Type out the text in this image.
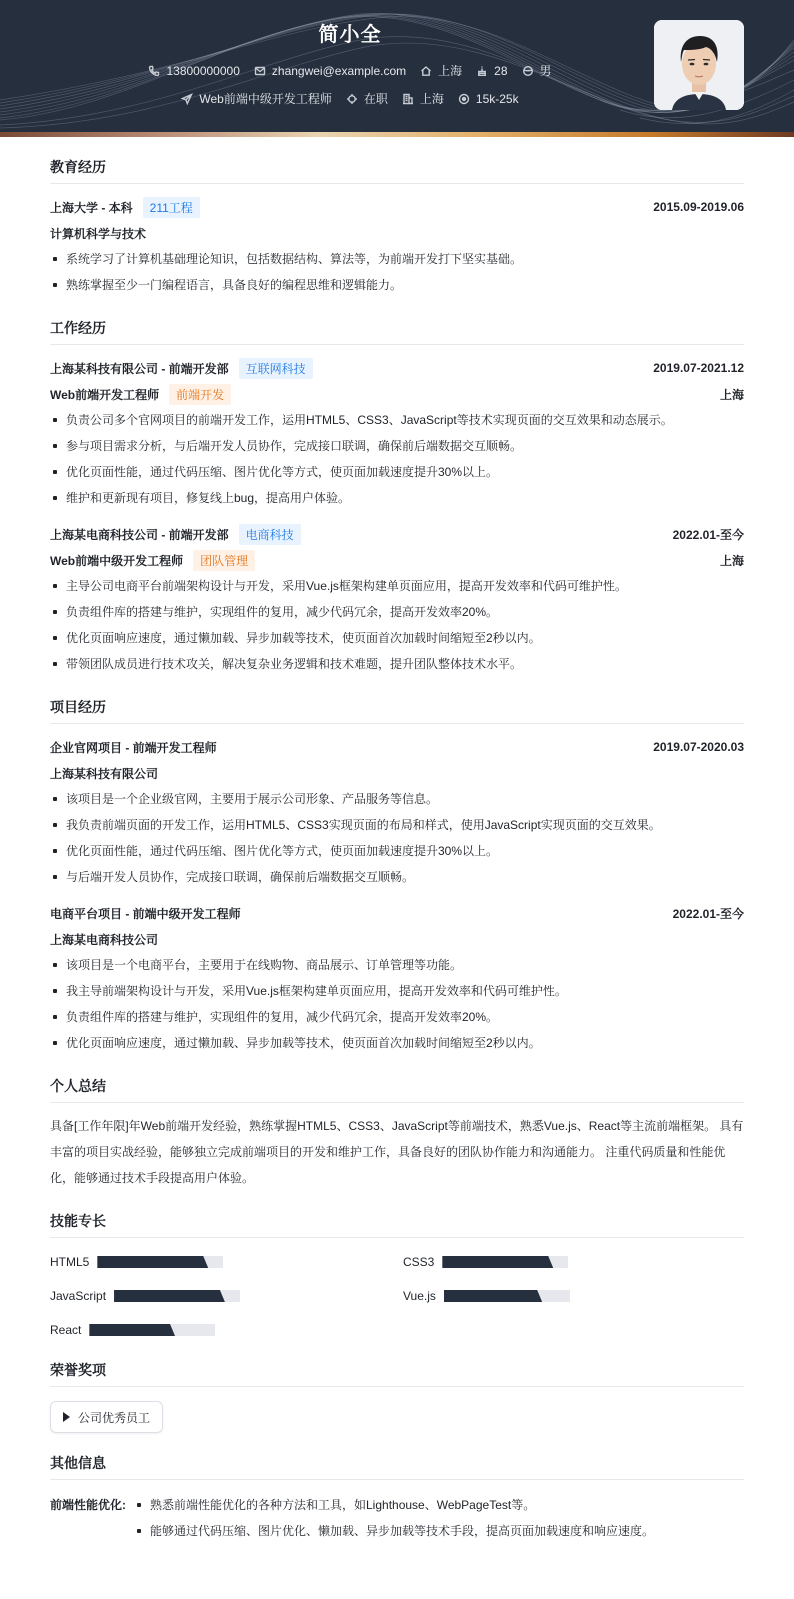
简小全
13800000000	zhangwei@example.com	上海	28	男
Web前端中级开发工程师	在职	上海	15k-25k
教育经历
上海大学 - 本科	211工程	2015.09-2019.06
计算机科学与技术
系统学习了计算机基础理论知识，包括数据结构、算法等，为前端开发打下坚实基础。
熟练掌握至少一门编程语言，具备良好的编程思维和逻辑能力。
工作经历
上海某科技有限公司 - 前端开发部	互联网科技	2019.07-2021.12
Web前端开发工程师	前端开发	上海
负责公司多个官网项目的前端开发工作，运用HTML5、CSS3、JavaScript等技术实现页面的交互效果和动态展示。
参与项目需求分析，与后端开发人员协作，完成接口联调，确保前后端数据交互顺畅。
优化页面性能，通过代码压缩、图片优化等方式，使页面加载速度提升30%以上。
维护和更新现有项目，修复线上bug，提高用户体验。
上海某电商科技公司 - 前端开发部	电商科技	2022.01-至今
Web前端中级开发工程师	团队管理	上海
主导公司电商平台前端架构设计与开发，采用Vue.js框架构建单页面应用，提高开发效率和代码可维护性。
负责组件库的搭建与维护，实现组件的复用，减少代码冗余，提高开发效率20%。
优化页面响应速度，通过懒加载、异步加载等技术，使页面首次加载时间缩短至2秒以内。
带领团队成员进行技术攻关，解决复杂业务逻辑和技术难题，提升团队整体技术水平。
项目经历
企业官网项目 - 前端开发工程师	2019.07-2020.03
上海某科技有限公司
该项目是一个企业级官网，主要用于展示公司形象、产品服务等信息。
我负责前端页面的开发工作，运用HTML5、CSS3实现页面的布局和样式，使用JavaScript实现页面的交互效果。
优化页面性能，通过代码压缩、图片优化等方式，使页面加载速度提升30%以上。
与后端开发人员协作，完成接口联调，确保前后端数据交互顺畅。
电商平台项目 - 前端中级开发工程师	2022.01-至今
上海某电商科技公司
该项目是一个电商平台，主要用于在线购物、商品展示、订单管理等功能。
我主导前端架构设计与开发，采用Vue.js框架构建单页面应用，提高开发效率和代码可维护性。
负责组件库的搭建与维护，实现组件的复用，减少代码冗余，提高开发效率20%。
优化页面响应速度，通过懒加载、异步加载等技术，使页面首次加载时间缩短至2秒以内。
个人总结

具备[工作年限]年Web前端开发经验，熟练掌握HTML5、CSS3、JavaScript等前端技术，熟悉Vue.js、React等主流前端框架。 具有丰富的项目实战经验，能够独立完成前端项目的开发和维护工作，具备良好的团队协作能力和沟通能力。 注重代码质量和性能优化，能够通过技术手段提高用户体验。

技能专长
HTML5	CSS3
JavaScript	Vue.js
React
荣誉奖项
公司优秀员工
其他信息
前端性能优化:	熟悉前端性能优化的各种方法和工具，如Lighthouse、WebPageTest等。
能够通过代码压缩、图片优化、懒加载、异步加载等技术手段，提高页面加载速度和响应速度。
